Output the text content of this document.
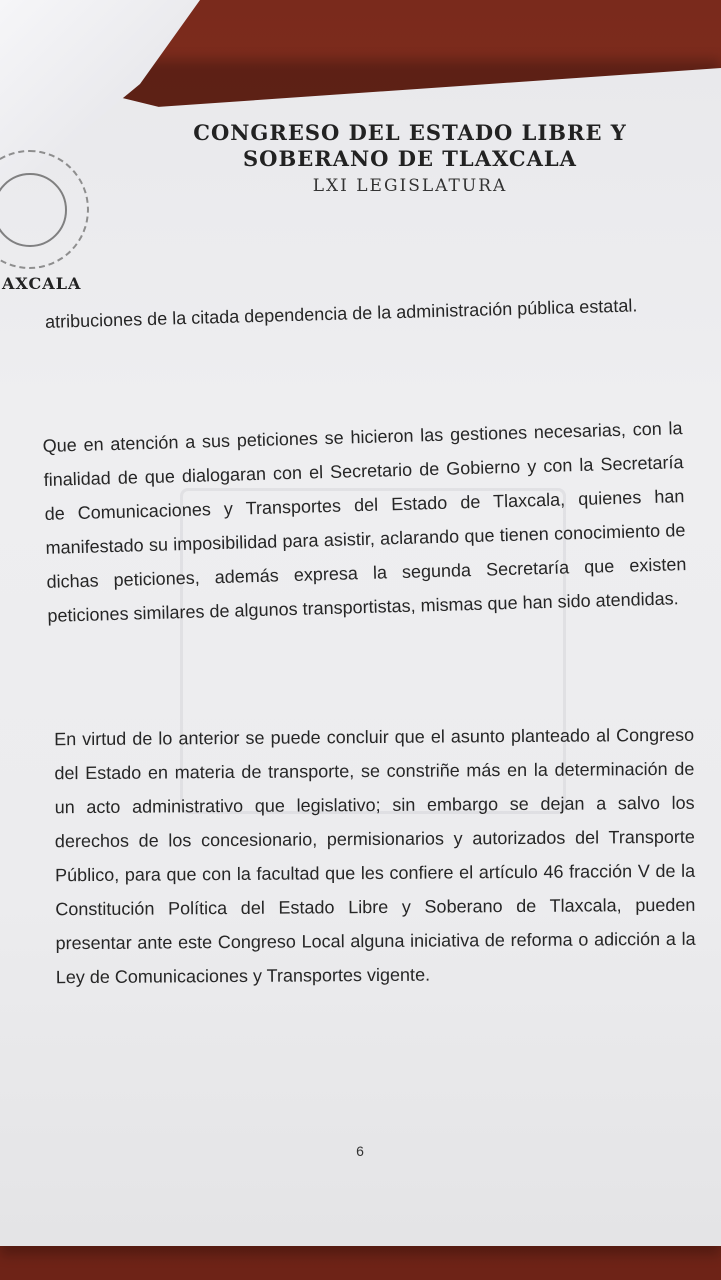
CONGRESO DEL ESTADO LIBRE Y SOBERANO DE TLAXCALA
LXI LEGISLATURA
AXCALA
atribuciones de la citada dependencia de la administración pública estatal.
Que en atención a sus peticiones se hicieron las gestiones necesarias, con la finalidad de que dialogaran con el Secretario de Gobierno y con la Secretaría de Comunicaciones y Transportes del Estado de Tlaxcala, quienes han manifestado su imposibilidad para asistir, aclarando que tienen conocimiento de dichas peticiones, además expresa la segunda Secretaría que existen peticiones similares de algunos transportistas, mismas que han sido atendidas.
En virtud de lo anterior se puede concluir que el asunto planteado al Congreso del Estado en materia de transporte, se constriñe más en la determinación de un acto administrativo que legislativo; sin embargo se dejan a salvo los derechos de los concesionario, permisionarios y autorizados del Transporte Público, para que con la facultad que les confiere el artículo 46 fracción V de la Constitución Política del Estado Libre y Soberano de Tlaxcala, pueden presentar ante este Congreso Local alguna iniciativa de reforma o adicción a la Ley de Comunicaciones y Transportes vigente.
6
